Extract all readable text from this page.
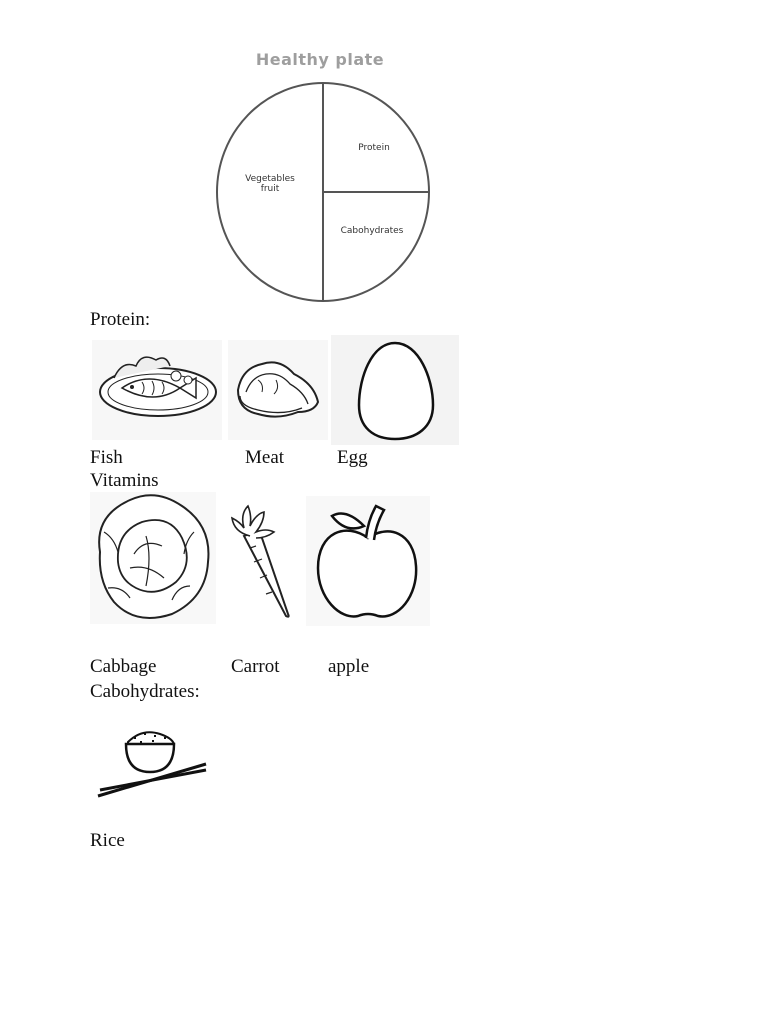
Healthy plate
Vegetables
fruit
Protein
Cabohydrates
Protein:
Fish	Meat	Egg
Vitamins
Cabbage	Carrot	apple
Cabohydrates:
Rice
